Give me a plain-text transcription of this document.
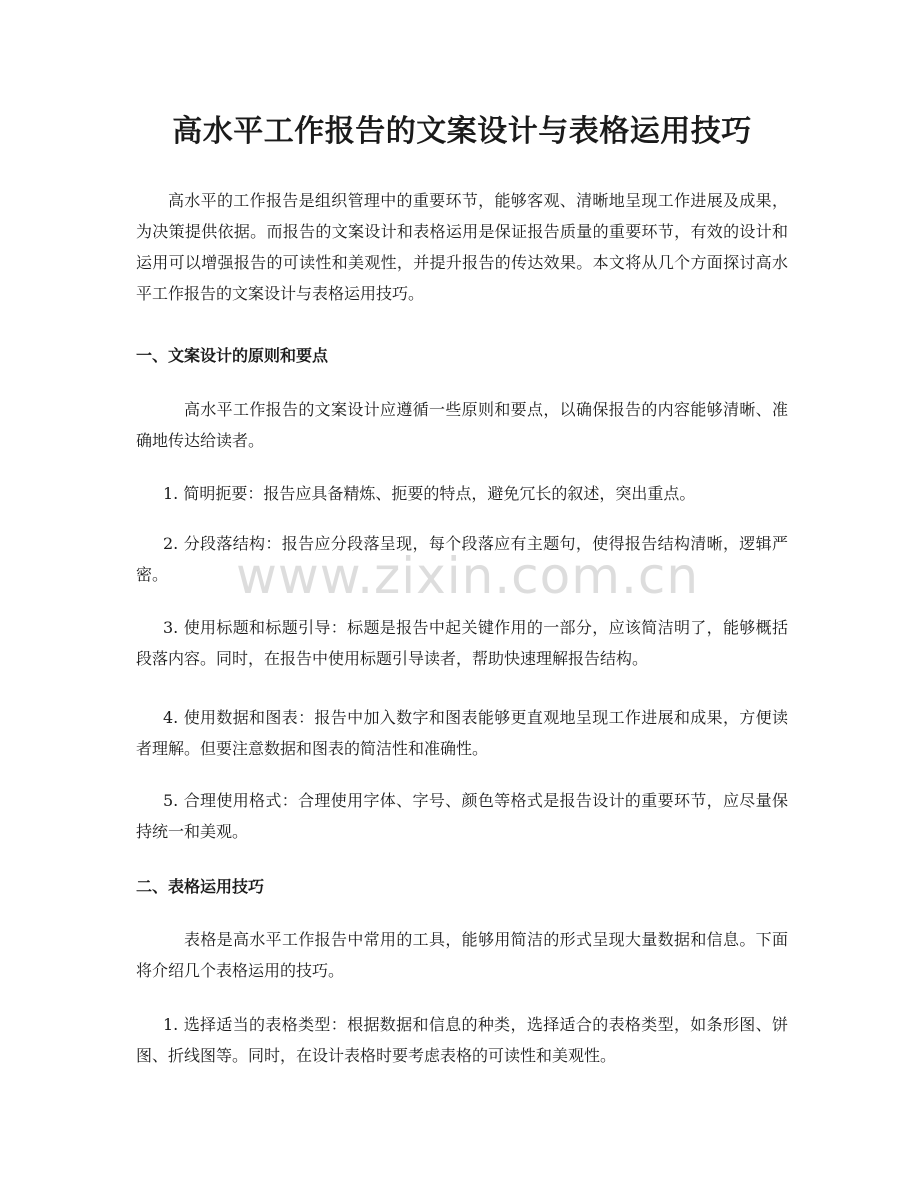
高水平工作报告的文案设计与表格运用技巧

高水平的工作报告是组织管理中的重要环节，能够客观、清晰地呈现工作进展及成果，为决策提供依据。而报告的文案设计和表格运用是保证报告质量的重要环节，有效的设计和运用可以增强报告的可读性和美观性，并提升报告的传达效果。本文将从几个方面探讨高水平工作报告的文案设计与表格运用技巧。

一、文案设计的原则和要点

高水平工作报告的文案设计应遵循一些原则和要点，以确保报告的内容能够清晰、准确地传达给读者。

1. 简明扼要：报告应具备精炼、扼要的特点，避免冗长的叙述，突出重点。

2. 分段落结构：报告应分段落呈现，每个段落应有主题句，使得报告结构清晰，逻辑严密。

3. 使用标题和标题引导：标题是报告中起关键作用的一部分，应该简洁明了，能够概括段落内容。同时，在报告中使用标题引导读者，帮助快速理解报告结构。

4. 使用数据和图表：报告中加入数字和图表能够更直观地呈现工作进展和成果，方便读者理解。但要注意数据和图表的简洁性和准确性。

5. 合理使用格式：合理使用字体、字号、颜色等格式是报告设计的重要环节，应尽量保持统一和美观。

二、表格运用技巧

表格是高水平工作报告中常用的工具，能够用简洁的形式呈现大量数据和信息。下面将介绍几个表格运用的技巧。

1. 选择适当的表格类型：根据数据和信息的种类，选择适合的表格类型，如条形图、饼图、折线图等。同时，在设计表格时要考虑表格的可读性和美观性。

www.zixin.com.cn
